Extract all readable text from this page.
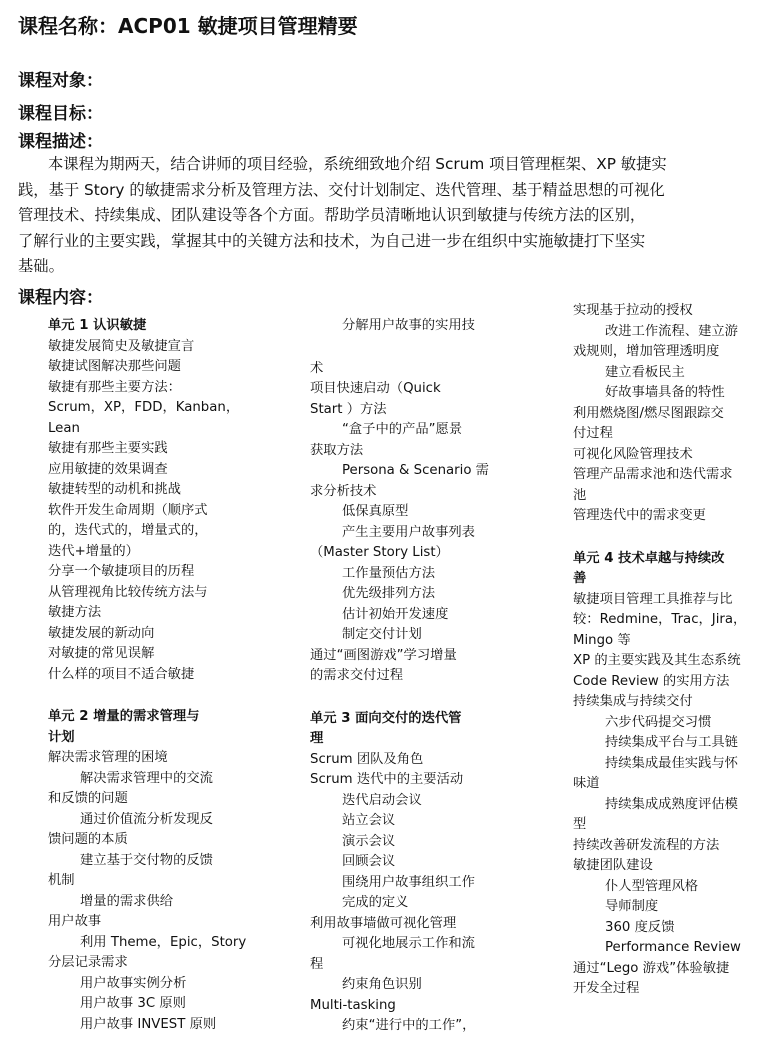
课程名称：ACP01 敏捷项目管理精要
课程对象：
课程目标：
课程描述：
本课程为期两天，结合讲师的项目经验，系统细致地介绍 Scrum 项目管理框架、XP 敏捷实
践，基于 Story 的敏捷需求分析及管理方法、交付计划制定、迭代管理、基于精益思想的可视化
管理技术、持续集成、团队建设等各个方面。帮助学员清晰地认识到敏捷与传统方法的区别，
了解行业的主要实践，掌握其中的关键方法和技术，为自己进一步在组织中实施敏捷打下坚实
基础。
课程内容：
单元 1 认识敏捷
敏捷发展简史及敏捷宣言
敏捷试图解决那些问题
敏捷有那些主要方法：
Scrum，XP，FDD，Kanban，
Lean
敏捷有那些主要实践
应用敏捷的效果调查
敏捷转型的动机和挑战
软件开发生命周期（顺序式
的，迭代式的，增量式的，
迭代+增量的）
分享一个敏捷项目的历程
从管理视角比较传统方法与
敏捷方法
敏捷发展的新动向
对敏捷的常见误解
什么样的项目不适合敏捷
单元 2 增量的需求管理与
计划
解决需求管理的困境
解决需求管理中的交流
和反馈的问题
通过价值流分析发现反
馈问题的本质
建立基于交付物的反馈
机制
增量的需求供给
用户故事
利用 Theme，Epic，Story
分层记录需求
用户故事实例分析
用户故事 3C 原则
用户故事 INVEST 原则
分解用户故事的实用技
术
项目快速启动（Quick
Start ）方法
“盒子中的产品”愿景
获取方法
Persona & Scenario 需
求分析技术
低保真原型
产生主要用户故事列表
（Master Story List）
工作量预估方法
优先级排列方法
估计初始开发速度
制定交付计划
通过“画图游戏”学习增量
的需求交付过程
单元 3 面向交付的迭代管
理
Scrum 团队及角色
Scrum 迭代中的主要活动
迭代启动会议
站立会议
演示会议
回顾会议
围绕用户故事组织工作
完成的定义
利用故事墙做可视化管理
可视化地展示工作和流
程
约束角色识别
Multi-tasking
约束“进行中的工作”，
实现基于拉动的授权
改进工作流程、建立游
戏规则，增加管理透明度
建立看板民主
好故事墙具备的特性
利用燃烧图/燃尽图跟踪交
付过程
可视化风险管理技术
管理产品需求池和迭代需求
池
管理迭代中的需求变更
单元 4 技术卓越与持续改
善
敏捷项目管理工具推荐与比
较：Redmine，Trac，Jira，
Mingo 等
XP 的主要实践及其生态系统
Code Review 的实用方法
持续集成与持续交付
六步代码提交习惯
持续集成平台与工具链
持续集成最佳实践与怀
味道
持续集成成熟度评估模
型
持续改善研发流程的方法
敏捷团队建设
仆人型管理风格
导师制度
360 度反馈
Performance Review
通过“Lego 游戏”体验敏捷
开发全过程
